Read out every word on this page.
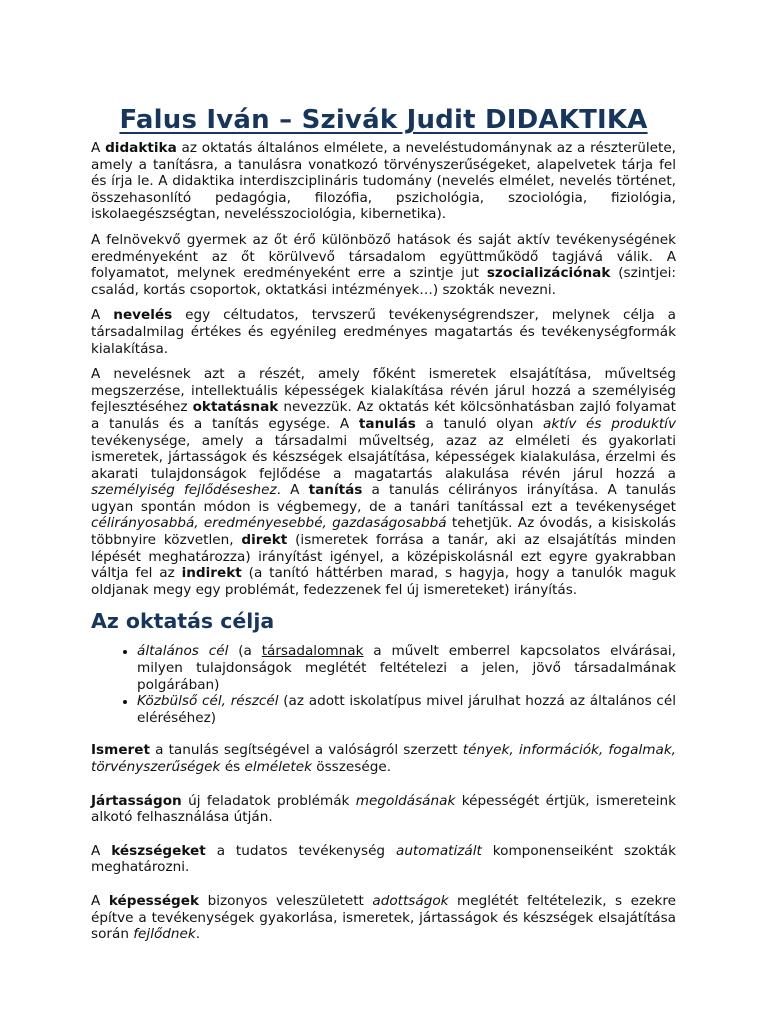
Falus Iván – Szivák Judit DIDAKTIKA

A didaktika az oktatás általános elmélete, a neveléstudománynak az a részterülete, amely a tanításra, a tanulásra vonatkozó törvényszerűségeket, alapelvetek tárja fel és írja le. A didaktika interdiszciplináris tudomány (nevelés elmélet, nevelés történet, összehasonlító pedagógia, filozófia, pszichológia, szociológia, fiziológia, iskolaegészségtan, nevelésszociológia, kibernetika).

A felnövekvő gyermek az őt érő különböző hatások és saját aktív tevékenységének eredményeként az őt körülvevő társadalom együttműködő tagjává válik. A folyamatot, melynek eredményeként erre a szintje jut szocializációnak (szintjei: család, kortás csoportok, oktatkási intézmények…) szokták nevezni.

A nevelés egy céltudatos, tervszerű tevékenységrendszer, melynek célja a társadalmilag értékes és egyénileg eredményes magatartás és tevékenységformák kialakítása.

A nevelésnek azt a részét, amely főként ismeretek elsajátítása, műveltség megszerzése, intellektuális képességek kialakítása révén járul hozzá a személyiség fejlesztéséhez oktatásnak nevezzük. Az oktatás két kölcsönhatásban zajló folyamat a tanulás és a tanítás egysége. A tanulás a tanuló olyan aktív és produktív tevékenysége, amely a társadalmi műveltség, azaz az elméleti és gyakorlati ismeretek, jártasságok és készségek elsajátítása, képességek kialakulása, érzelmi és akarati tulajdonságok fejlődése a magatartás alakulása révén járul hozzá a személyiség fejlődéseshez. A tanítás a tanulás célirányos irányítása. A tanulás ugyan spontán módon is végbemegy, de a tanári tanítással ezt a tevékenységet célirányosabbá, eredményesebbé, gazdaságosabbá tehetjük. Az óvodás, a kisiskolás többnyire közvetlen, direkt (ismeretek forrása a tanár, aki az elsajátítás minden lépését meghatározza) irányítást igényel, a középiskolásnál ezt egyre gyakrabban váltja fel az indirekt (a tanító háttérben marad, s hagyja, hogy a tanulók maguk oldjanak megy egy problémát, fedezzenek fel új ismereteket) irányítás.

Az oktatás célja
• általános cél (a társadalomnak a művelt emberrel kapcsolatos elvárásai, milyen tulajdonságok meglétét feltételezi a jelen, jövő társadalmának polgárában)
• Közbülső cél, részcél (az adott iskolatípus mivel járulhat hozzá az általános cél eléréséhez)

Ismeret a tanulás segítségével a valóságról szerzett tények, információk, fogalmak, törvényszerűségek és elméletek összesége.

Jártasságon új feladatok problémák megoldásának képességét értjük, ismereteink alkotó felhasználása útján.

A készségeket a tudatos tevékenység automatizált komponenseiként szokták meghatározni.

A képességek bizonyos veleszületett adottságok meglétét feltételezik, s ezekre építve a tevékenységek gyakorlása, ismeretek, jártasságok és készségek elsajátítása során fejlődnek.
